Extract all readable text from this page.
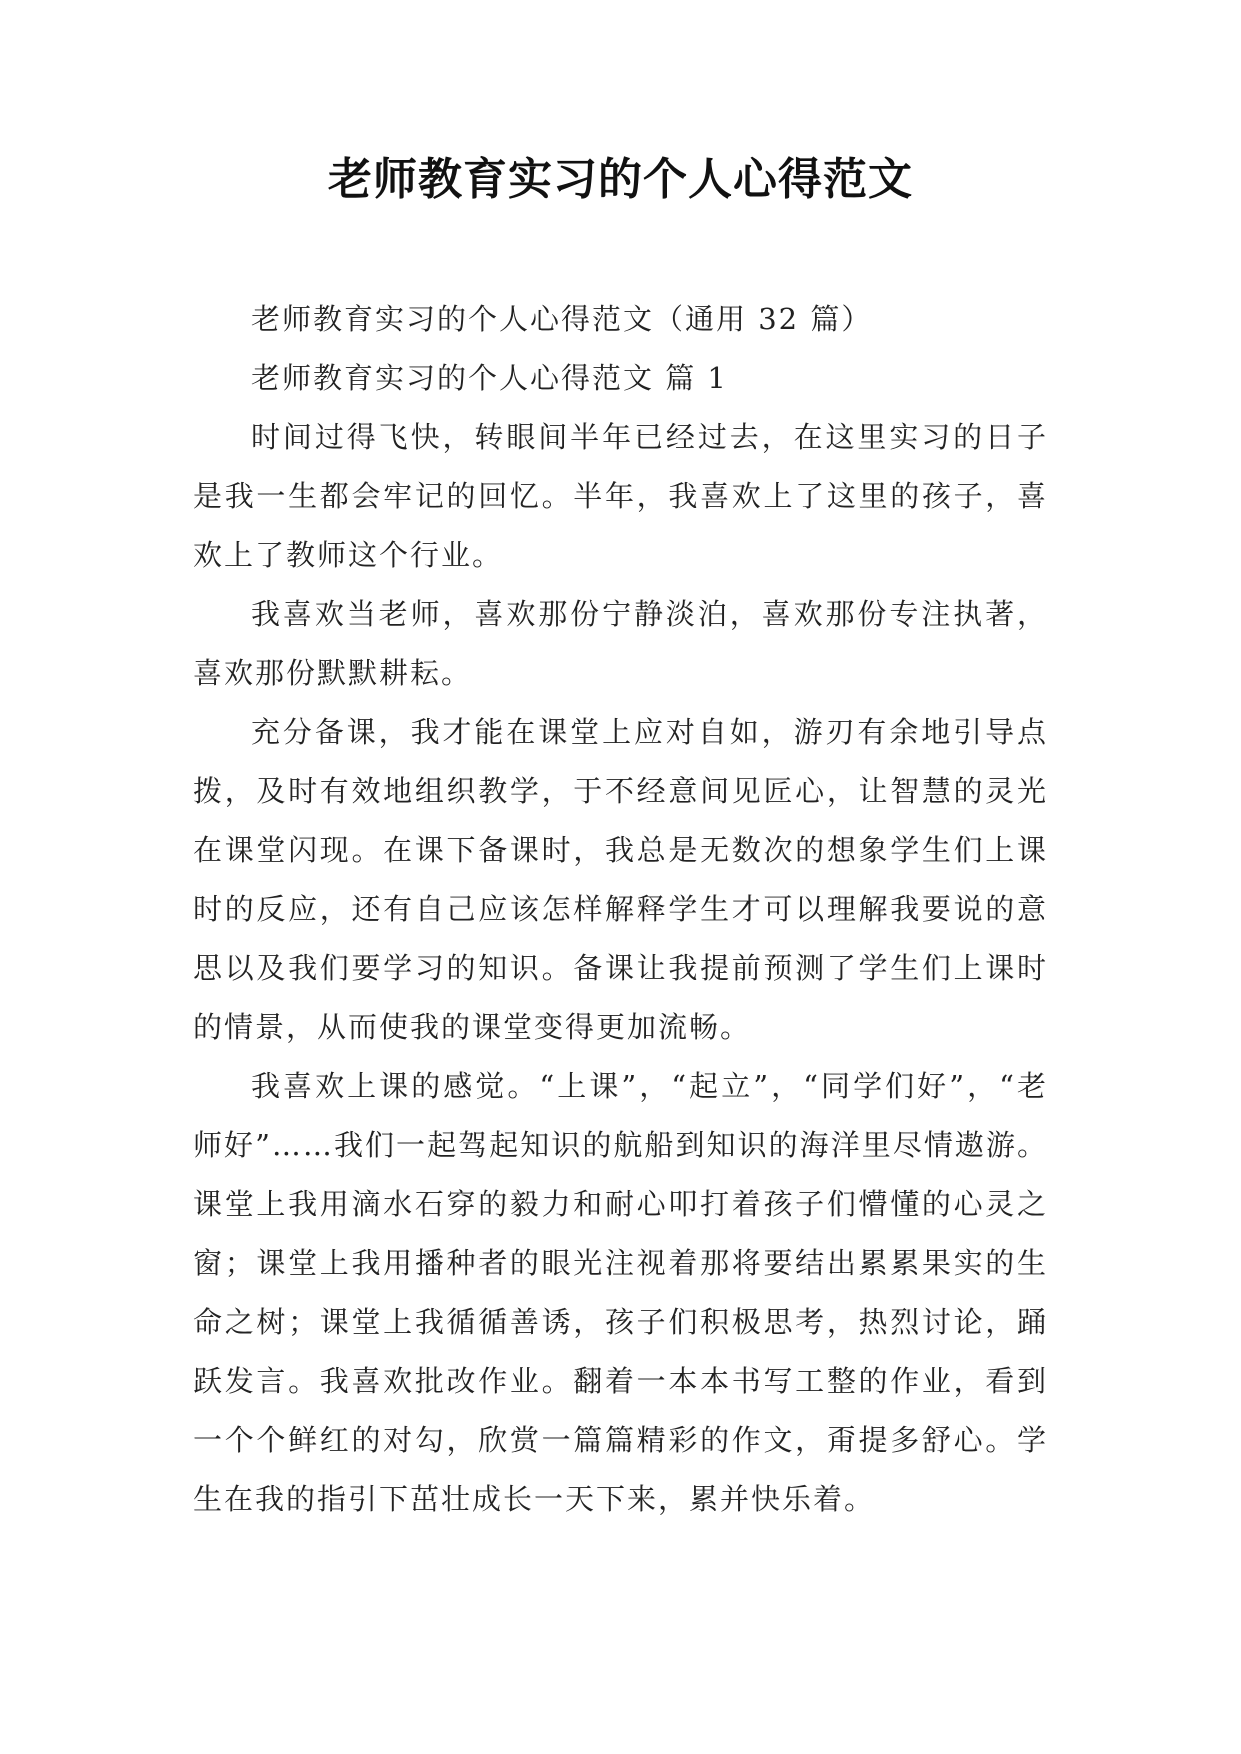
老师教育实习的个人心得范文

老师教育实习的个人心得范文（通用 32 篇）

老师教育实习的个人心得范文 篇 1

时间过得飞快，转眼间半年已经过去，在这里实习的日子是我一生都会牢记的回忆。半年，我喜欢上了这里的孩子，喜欢上了教师这个行业。

我喜欢当老师，喜欢那份宁静淡泊，喜欢那份专注执著，喜欢那份默默耕耘。

充分备课，我才能在课堂上应对自如，游刃有余地引导点拨，及时有效地组织教学，于不经意间见匠心，让智慧的灵光在课堂闪现。在课下备课时，我总是无数次的想象学生们上课时的反应，还有自己应该怎样解释学生才可以理解我要说的意思以及我们要学习的知识。备课让我提前预测了学生们上课时的情景，从而使我的课堂变得更加流畅。

我喜欢上课的感觉。“上课”，“起立”，“同学们好”，“老师好”……我们一起驾起知识的航船到知识的海洋里尽情遨游。课堂上我用滴水石穿的毅力和耐心叩打着孩子们懵懂的心灵之窗；课堂上我用播种者的眼光注视着那将要结出累累果实的生命之树；课堂上我循循善诱，孩子们积极思考，热烈讨论，踊跃发言。我喜欢批改作业。翻着一本本书写工整的作业，看到一个个鲜红的对勾，欣赏一篇篇精彩的作文，甭提多舒心。学生在我的指引下茁壮成长一天下来，累并快乐着。
